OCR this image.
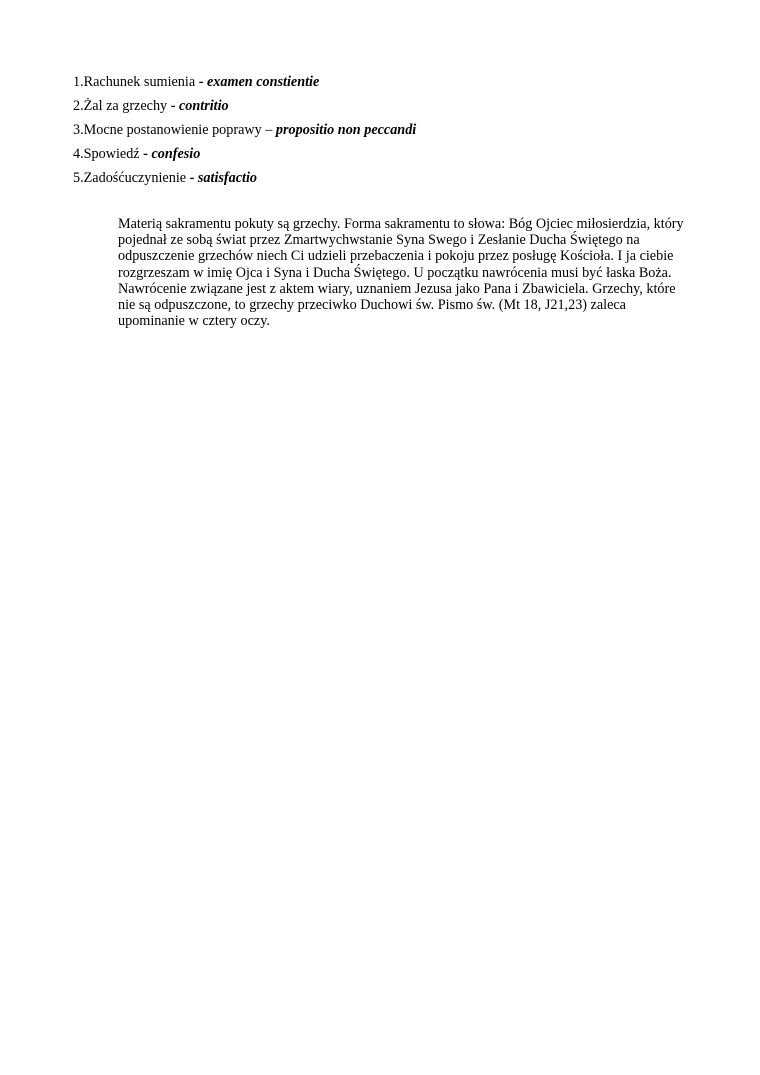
1.Rachunek sumienia - examen constientie
2.Żal za grzechy - contritio
3.Mocne postanowienie poprawy – propositio non peccandi
4.Spowiedź - confesio
5.Zadośćuczynienie - satisfactio

Materią sakramentu pokuty są grzechy. Forma sakramentu to słowa: Bóg Ojciec miłosierdzia, który
pojednał ze sobą świat przez Zmartwychwstanie Syna Swego i Zesłanie Ducha Świętego na
odpuszczenie grzechów niech Ci udzieli przebaczenia i pokoju przez posługę Kościoła. I ja ciebie
rozgrzeszam w imię Ojca i Syna i Ducha Świętego. U początku nawrócenia musi być łaska Boża.
Nawrócenie związane jest z aktem wiary, uznaniem Jezusa jako Pana i Zbawiciela. Grzechy, które
nie są odpuszczone, to grzechy przeciwko Duchowi św. Pismo św. (Mt 18, J21,23) zaleca
upominanie w cztery oczy.
